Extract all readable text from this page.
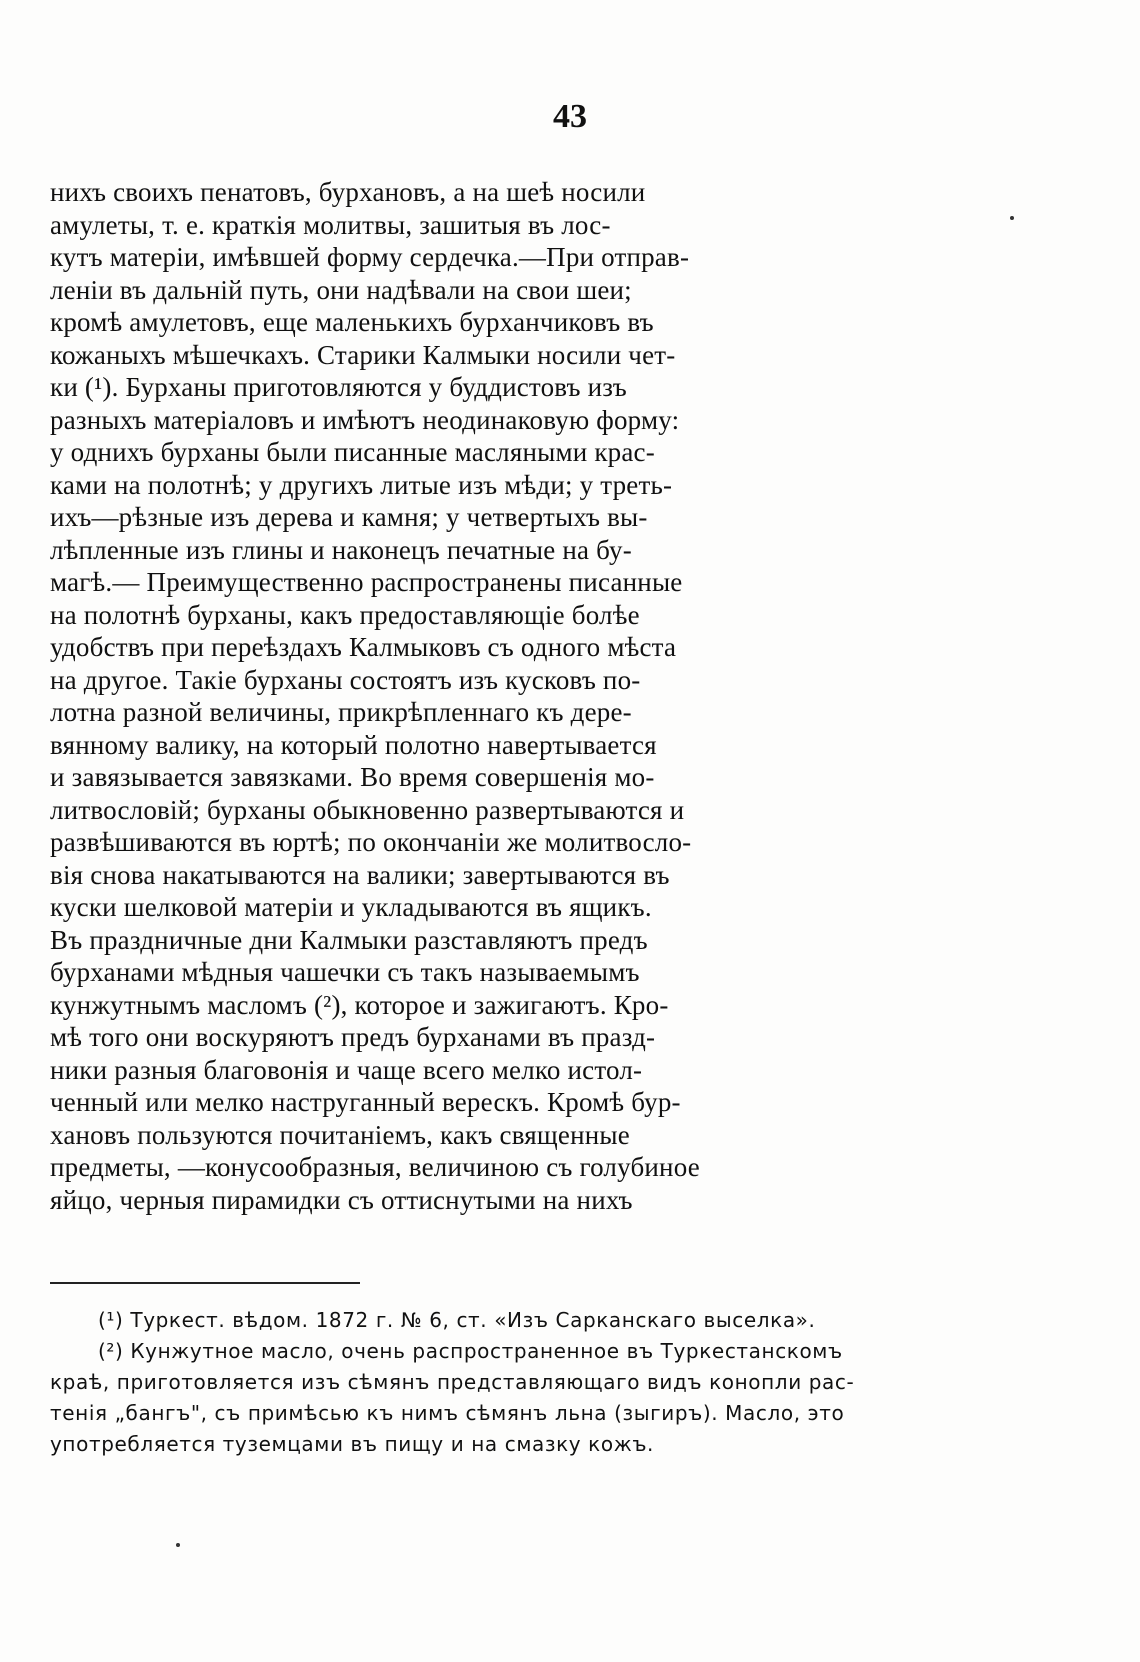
43
нихъ своихъ пенатовъ, бурхановъ, а на шеѣ носили
амулеты, т. е. краткія молитвы, зашитыя въ лос-
кутъ матеріи, имѣвшей форму сердечка.—При отправ-
леніи въ дальній путь, они надѣвали на свои шеи;
кромѣ амулетовъ, еще маленькихъ бурханчиковъ въ
кожаныхъ мѣшечкахъ. Старики Калмыки носили чет-
ки (¹). Бурханы приготовляются у буддистовъ изъ
разныхъ матеріаловъ и имѣютъ неодинаковую форму:
у однихъ бурханы были писанные масляными крас-
ками на полотнѣ; у другихъ литые изъ мѣди; у треть-
ихъ—рѣзные изъ дерева и камня; у четвертыхъ вы-
лѣпленные изъ глины и наконецъ печатные на бу-
магѣ.— Преимущественно распространены писанные
на полотнѣ бурханы, какъ предоставляющіе болѣе
удобствъ при переѣздахъ Калмыковъ съ одного мѣста
на другое. Такіе бурханы состоятъ изъ кусковъ по-
лотна разной величины, прикрѣпленнаго къ дере-
вянному валику, на который полотно навертывается
и завязывается завязками. Во время совершенія мо-
литвословій; бурханы обыкновенно развертываются и
развѣшиваются въ юртѣ; по окончаніи же молитвосло-
вія снова накатываются на валики; завертываются въ
куски шелковой матеріи и укладываются въ ящикъ.
Въ праздничные дни Калмыки разставляютъ предъ
бурханами мѣдныя чашечки съ такъ называемымъ
кунжутнымъ масломъ (²), которое и зажигаютъ. Кро-
мѣ того они воскуряютъ предъ бурханами въ празд-
ники разныя благовонія и чаще всего мелко истол-
ченный или мелко наструганный верескъ. Кромѣ бур-
хановъ пользуются почитаніемъ, какъ священные
предметы, —конусообразныя, величиною съ голубиное
яйцо, черныя пирамидки съ оттиснутыми на нихъ
(¹) Туркест. вѣдом. 1872 г. № 6, ст. «Изъ Сарканскаго выселка».
(²) Кунжутное масло, очень распространенное въ Туркестанскомъ
краѣ, приготовляется изъ сѣмянъ представляющаго видъ конопли рас-
тенія „бангъ", съ примѣсью къ нимъ сѣмянъ льна (зыгиръ). Масло, это
употребляется туземцами въ пищу и на смазку кожъ.
